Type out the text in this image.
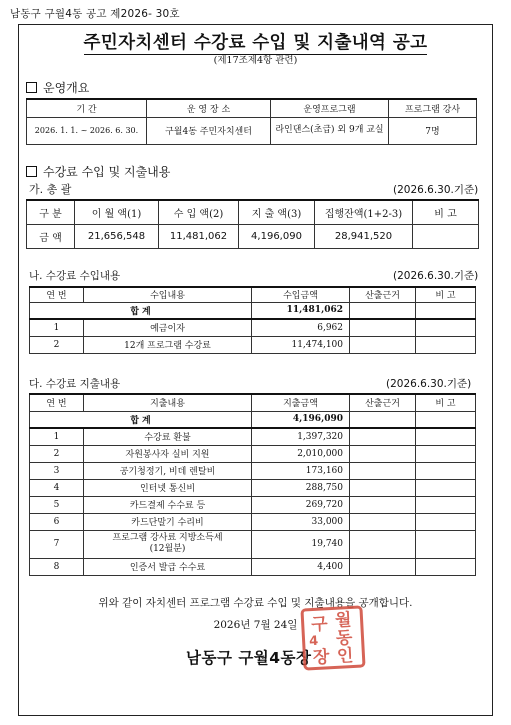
남동구 구월4동 공고 제2026- 30호
주민자치센터 수강료 수입 및 지출내역 공고
(제17조제4항 관련)
운영개요
기 간	운 영 장 소	운영프로그램	프로그램 강사
2026. 1. 1. ~ 2026. 6. 30.	구월4동 주민자치센터	라인댄스(초급) 외 9개 교실	7명
수강료 수입 및 지출내용
가. 총 괄	(2026.6.30.기준)
구 분	이 월 액(1)	수 입 액(2)	지 출 액(3)	집행잔액(1+2-3)	비 고
금 액	21,656,548	11,481,062	4,196,090	28,941,520	
나. 수강료 수입내용	(2026.6.30.기준)
연 번	수입내용	수입금액	산출근거	비 고
합 계		11,481,062		
1	예금이자	6,962		
2	12개 프로그램 수강료	11,474,100		
다. 수강료 지출내용	(2026.6.30.기준)
연 번	지출내용	지출금액	산출근거	비 고
합 계		4,196,090		
1	수강료 환불	1,397,320		
2	자원봉사자 실비 지원	2,010,000		
3	공기청정기, 비데 렌탈비	173,160		
4	인터넷 통신비	288,750		
5	카드결제 수수료 등	269,720		
6	카드단말기 수리비	33,000		
7	프로그램 강사료 지방소득세(12월분)	19,740		
8	인증서 발급 수수료	4,400		
위와 같이 자치센터 프로그램 수강료 수입 및 지출내용을 공개합니다.
2026년 7월 24일
남동구 구월4동장
구 월
4 동
장 인
